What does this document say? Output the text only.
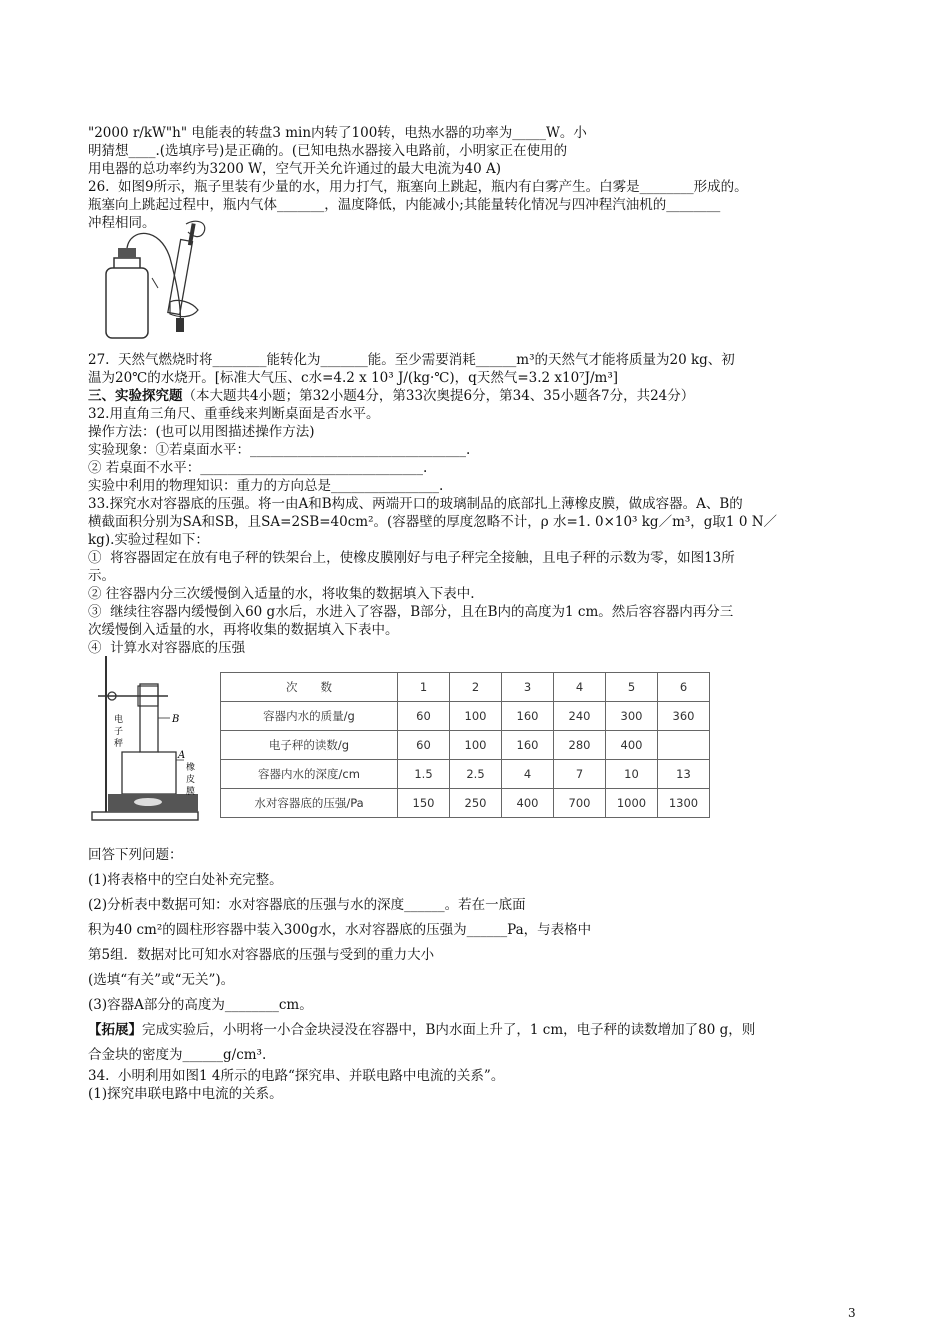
"2000 r/kW"h" 电能表的转盘3 min内转了100转，电热水器的功率为_____W。小
明猜想____.(选填序号)是正确的。(已知电热水器接入电路前，小明家正在使用的
用电器的总功率约为3200 W，空气开关允许通过的最大电流为40 A)
26.  如图9所示，瓶子里装有少量的水，用力打气，瓶塞向上跳起，瓶内有白雾产生。白雾是________形成的。
瓶塞向上跳起过程中，瓶内气体_______，温度降低，内能减小;其能量转化情况与四冲程汽油机的________
冲程相同。
27.  天然气燃烧时将________能转化为_______能。至少需要消耗______m³的天然气才能将质量为20 kg、初
温为20℃的水烧开。[标准大气压、c水=4.2 x 10³ J/(kg·℃)，q天然气=3.2 x10⁷J/m³]
三、实验探究题（本大题共4小题；第32小题4分，第33次奥提6分，第34、35小题各7分，共24分）
32.用直角三角尺、重垂线来判断桌面是否水平。
操作方法：(也可以用图描述操作方法)
实验现象：①若桌面水平：________________________________.
② 若桌面不水平：_________________________________.
实验中利用的物理知识：重力的方向总是________________.
33.探究水对容器底的压强。将一由A和B构成、两端开口的玻璃制品的底部扎上薄橡皮膜，做成容器。A、B的
横截面积分别为SA和SB，且SA=2SB=40cm²。(容器壁的厚度忽略不计，ρ 水=1. 0×10³ kg／m³，g取1 0 N／
kg).实验过程如下：
①  将容器固定在放有电子秤的铁架台上，使橡皮膜刚好与电子秤完全接触，且电子秤的示数为零，如图13所
示。
② 往容器内分三次缓慢倒入适量的水，将收集的数据填入下表中.
③  继续往容器内缓慢倒入60 g水后，水进入了容器，B部分，且在B内的高度为1 cm。然后容容器内再分三
次缓慢倒入适量的水，再将收集的数据填入下表中。
④  计算水对容器底的压强
B
A
电
子
秤
橡
皮
膜
次　　数	1	2	3	4	5	6
容器内水的质量/g	60	100	160	240	300	360
电子秤的读数/g	60	100	160	280	400	
容器内水的深度/cm	1.5	2.5	4	7	10	13
水对容器底的压强/Pa	150	250	400	700	1000	1300
回答下列问题：
(1)将表格中的空白处补充完整。
(2)分析表中数据可知：水对容器底的压强与水的深度______。若在一底面
积为40 cm²的圆柱形容器中装入300g水，水对容器底的压强为______Pa，与表格中
第5组．数据对比可知水对容器底的压强与受到的重力大小
(选填“有关”或“无关”)。
(3)容器A部分的高度为________cm。
【拓展】完成实验后，小明将一小合金块浸没在容器中，B内水面上升了，1 cm，电子秤的读数增加了80 g，则
合金块的密度为______g/cm³.
34.  小明利用如图1 4所示的电路“探究串、并联电路中电流的关系”。
(1)探究串联电路中电流的关系。
3
